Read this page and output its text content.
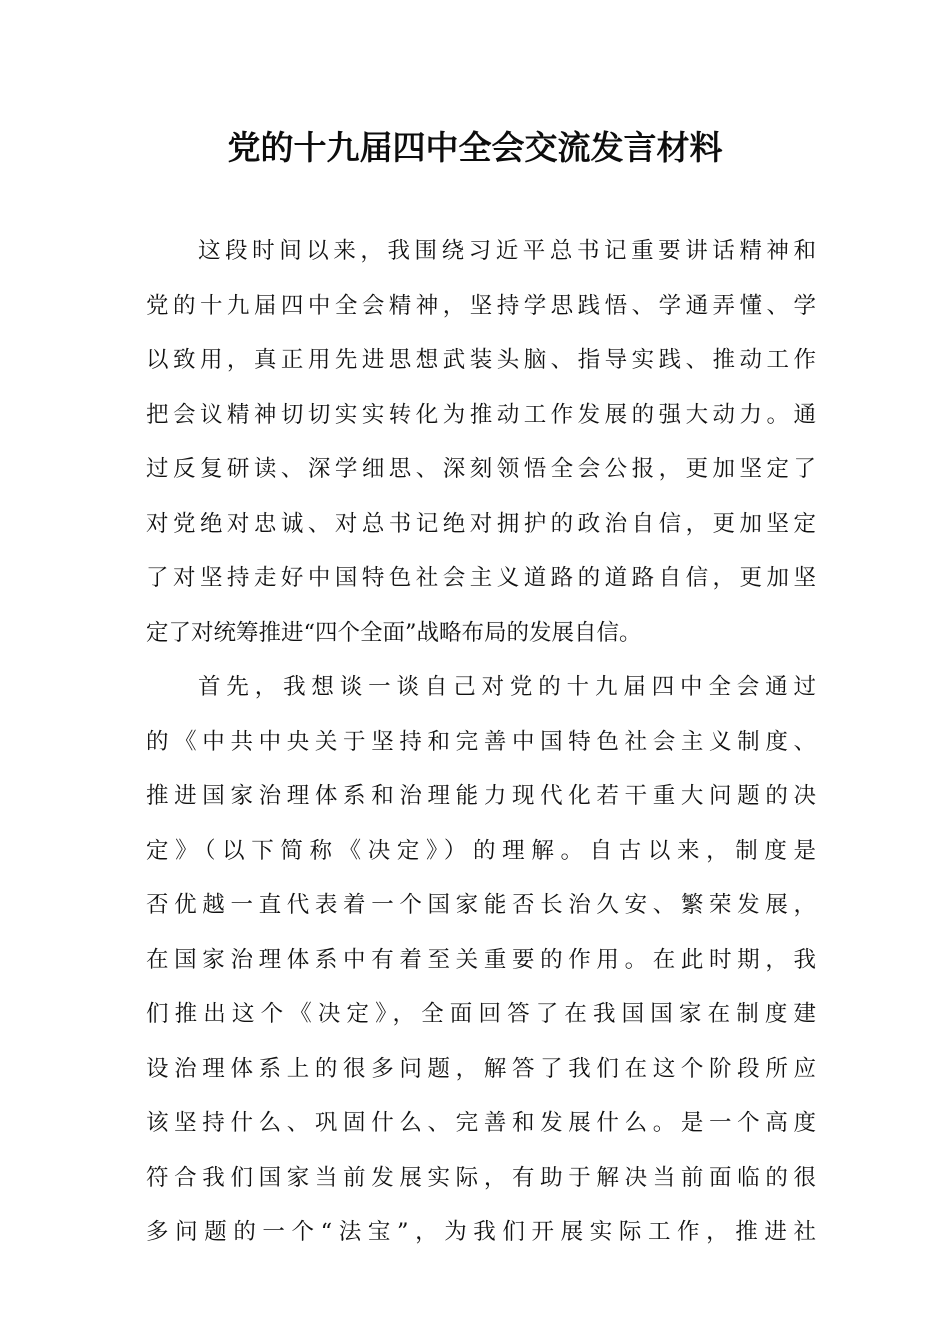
党的十九届四中全会交流发言材料
这段时间以来，我围绕习近平总书记重要讲话精神和
党的十九届四中全会精神，坚持学思践悟、学通弄懂、学
以致用，真正用先进思想武装头脑、指导实践、推动工作
把会议精神切切实实转化为推动工作发展的强大动力。通
过反复研读、深学细思、深刻领悟全会公报，更加坚定了
对党绝对忠诚、对总书记绝对拥护的政治自信，更加坚定
了对坚持走好中国特色社会主义道路的道路自信，更加坚
定了对统筹推进“四个全面”战略布局的发展自信。
首先，我想谈一谈自己对党的十九届四中全会通过
的《中共中央关于坚持和完善中国特色社会主义制度、
推进国家治理体系和治理能力现代化若干重大问题的决
定》（以下简称《决定》）的理解。自古以来，制度是
否优越一直代表着一个国家能否长治久安、繁荣发展，
在国家治理体系中有着至关重要的作用。在此时期，我
们推出这个《决定》，全面回答了在我国国家在制度建
设治理体系上的很多问题，解答了我们在这个阶段所应
该坚持什么、巩固什么、完善和发展什么。是一个高度
符合我们国家当前发展实际，有助于解决当前面临的很
多问题的一个“法宝”，为我们开展实际工作，推进社
